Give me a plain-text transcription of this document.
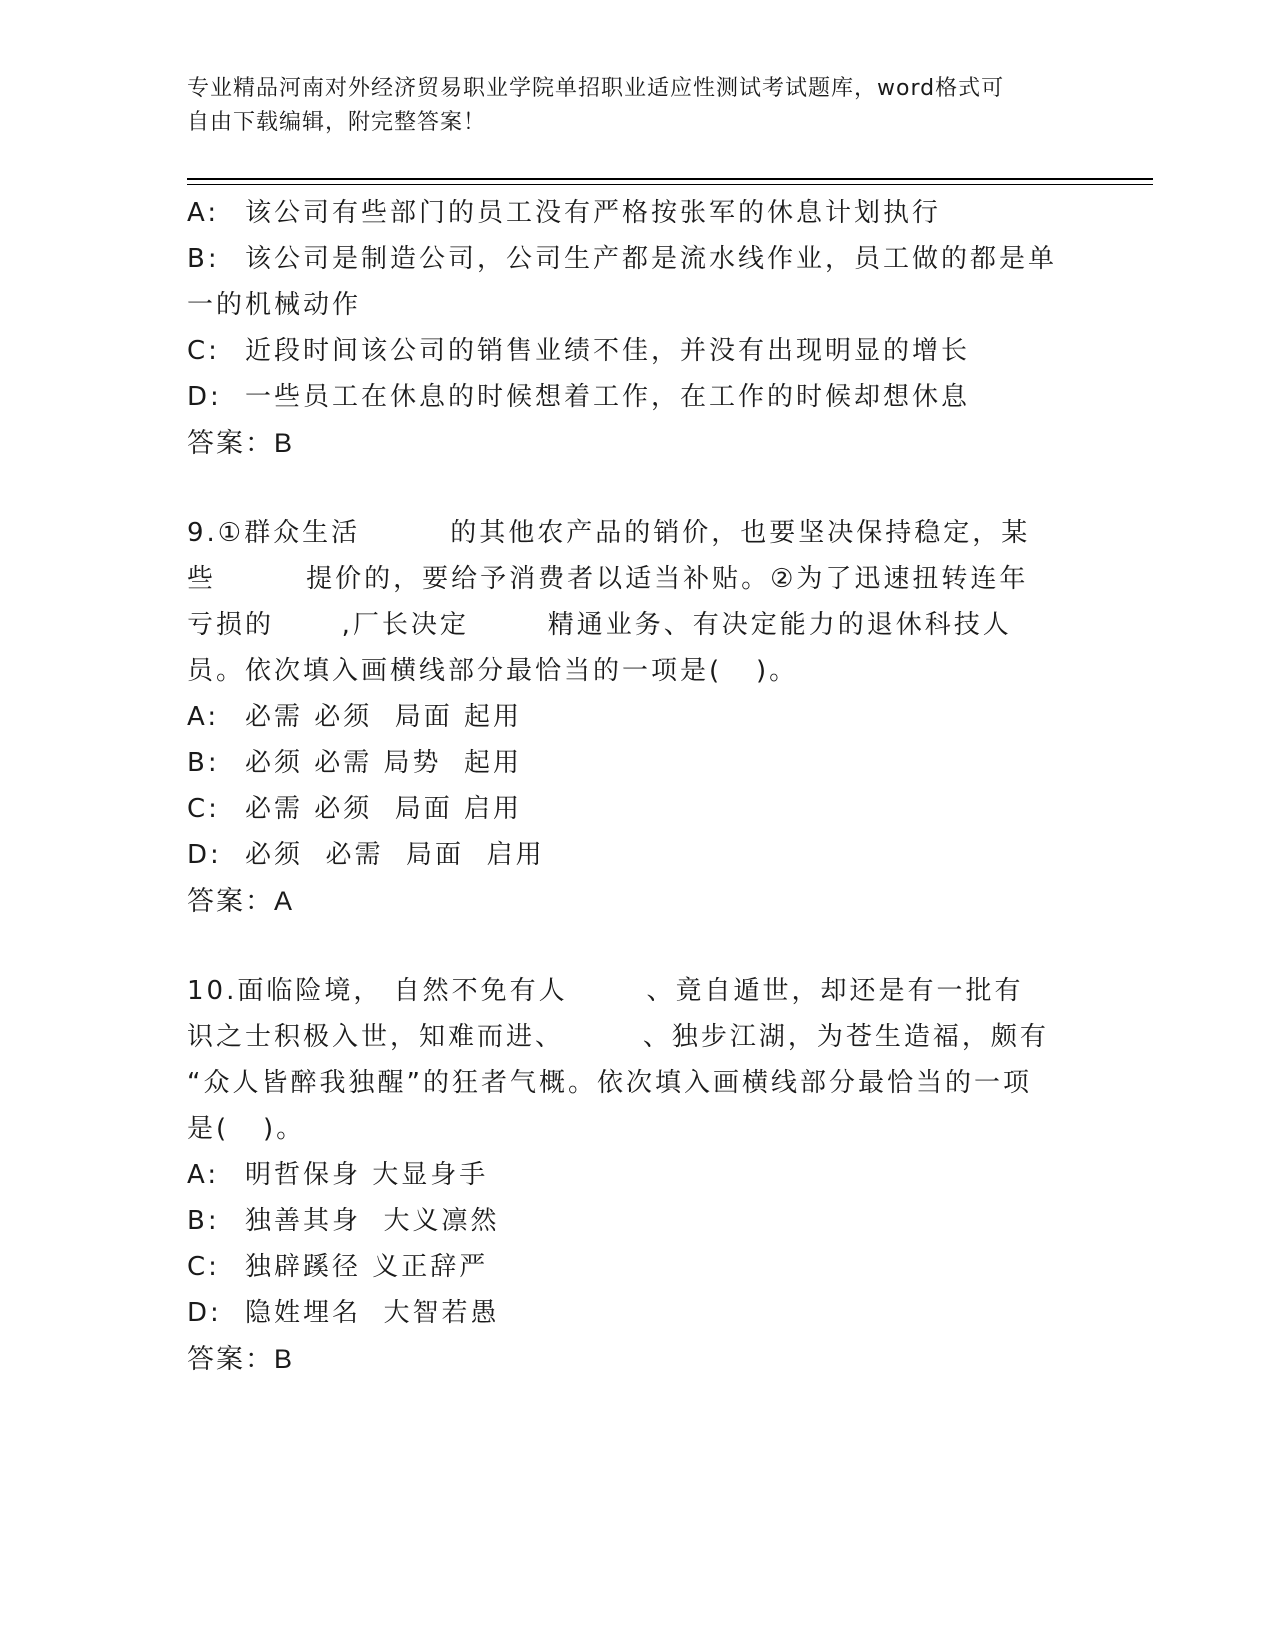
专业精品河南对外经济贸易职业学院单招职业适应性测试考试题库，word格式可
自由下载编辑，附完整答案！
A: 该公司有些部门的员工没有严格按张军的休息计划执行
B: 该公司是制造公司，公司生产都是流水线作业，员工做的都是单
一的机械动作
C: 近段时间该公司的销售业绩不佳，并没有出现明显的增长
D: 一些员工在休息的时候想着工作，在工作的时候却想休息
答案：B
9.①群众生活        的其他农产品的销价，也要坚决保持稳定，某
些        提价的，要给予消费者以适当补贴。②为了迅速扭转连年
亏损的      ,厂长决定       精通业务、有决定能力的退休科技人
员。依次填入画横线部分最恰当的一项是(   )。
A: 必需 必须  局面 起用
B: 必须 必需 局势  起用
C: 必需 必须  局面 启用
D: 必须  必需  局面  启用
答案：A
10.面临险境， 自然不免有人       、竟自遁世，却还是有一批有
识之士积极入世，知难而进、       、独步江湖，为苍生造福，颇有
“众人皆醉我独醒”的狂者气概。依次填入画横线部分最恰当的一项
是(   )。
A: 明哲保身 大显身手
B: 独善其身  大义凛然
C: 独辟蹊径 义正辞严
D: 隐姓埋名  大智若愚
答案：B
